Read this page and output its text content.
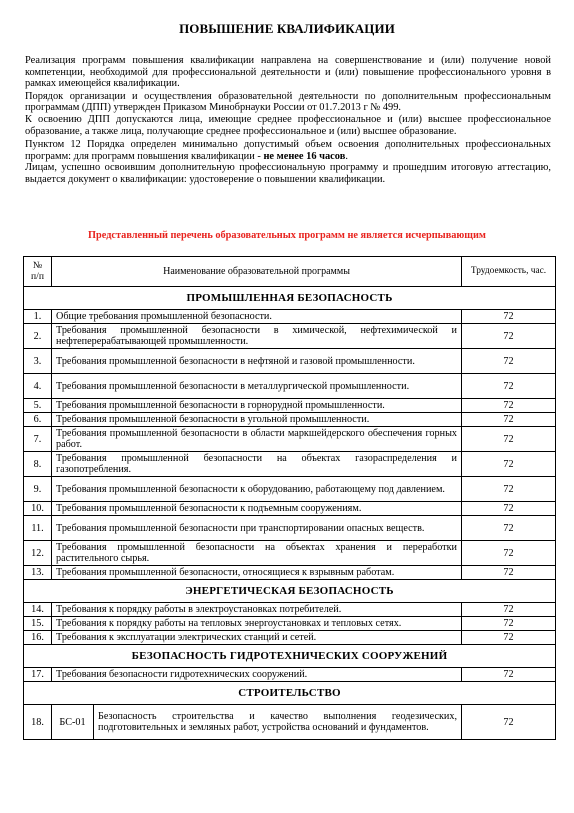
ПОВЫШЕНИЕ КВАЛИФИКАЦИИ

Реализация программ повышения квалификации направлена на совершенствование и (или) получение новой компетенции, необходимой для профессиональной деятельности и (или) повышение профессионального уровня в рамках имеющейся квалификации.

Порядок организации и осуществления образовательной деятельности по дополнительным профессиональным программам (ДПП) утвержден Приказом Минобрнауки России от 01.7.2013 г № 499.

К освоению ДПП допускаются лица, имеющие среднее профессиональное и (или) высшее профессиональное образование, а также лица, получающие среднее профессиональное и (или) высшее образование.

Пунктом 12 Порядка определен минимально допустимый объем освоения дополнительных профессиональных программ: для программ повышения квалификации - не менее 16 часов.

Лицам, успешно освоившим дополнительную профессиональную программу и прошедшим итоговую аттестацию, выдается документ о квалификации: удостоверение о повышении квалификации.

Представленный перечень образовательных программ не является исчерпывающим
№ п/п	Наименование образовательной программы		Трудоемкость, час.
ПРОМЫШЛЕННАЯ БЕЗОПАСНОСТЬ			
1.	Общие требования промышленной безопасности.		72
2.	Требования промышленной безопасности в химической, нефтехимической и нефтеперерабатывающей промышленности.		72
3.	Требования промышленной безопасности в нефтяной и газовой промышленности.		72
4.	Требования промышленной безопасности в металлургической промышленности.		72
5.	Требования промышленной безопасности в горнорудной промышленности.		72
6.	Требования промышленной безопасности в угольной промышленности.		72
7.	Требования промышленной безопасности в области маркшейдерского обеспечения горных работ.		72
8.	Требования промышленной безопасности на объектах газораспределения и газопотребления.		72
9.	Требования промышленной безопасности к оборудованию, работающему под давлением.		72
10.	Требования промышленной безопасности к подъемным сооружениям.		72
11.	Требования промышленной безопасности при транспортировании опасных веществ.		72
12.	Требования промышленной безопасности на объектах хранения и переработки растительного сырья.		72
13.	Требования промышленной безопасности, относящиеся к взрывным работам.		72
ЭНЕРГЕТИЧЕСКАЯ БЕЗОПАСНОСТЬ			
14.	Требования к порядку работы в электроустановках потребителей.		72
15.	Требования к порядку работы на тепловых энергоустановках и тепловых сетях.		72
16.	Требования к эксплуатации электрических станций и сетей.		72
БЕЗОПАСНОСТЬ ГИДРОТЕХНИЧЕСКИХ СООРУЖЕНИЙ			
17.	Требования безопасности гидротехнических сооружений.		72
СТРОИТЕЛЬСТВО			
18.	БС-01	Безопасность строительства и качество выполнения геодезических, подготовительных и земляных работ, устройства оснований и фундаментов.	72
